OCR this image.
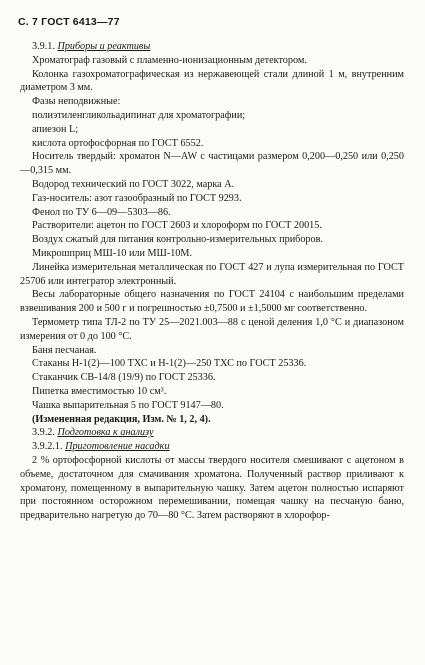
С. 7 ГОСТ 6413—77

3.9.1. Приборы и реактивы

Хроматограф газовый с пламенно-ионизационным детектором.

Колонка газохроматографическая из нержавеющей стали длиной 1 м, внутренним диаметром 3 мм.

Фазы неподвижные:

полиэтиленгликольадипинат для хроматографии;

апиезон L;

кислота ортофосфорная по ГОСТ 6552.

Носитель твердый: хроматон N—AW с частицами размером 0,200—0,250 или 0,250—0,315 мм.

Водород технический по ГОСТ 3022, марка А.

Газ-носитель: азот газообразный по ГОСТ 9293.

Фенол по ТУ 6—09—5303—86.

Растворители: ацетон по ГОСТ 2603 и хлороформ по ГОСТ 20015.

Воздух сжатый для питания контрольно-измерительных приборов.

Микрошприц МШ-10 или МШ-10М.

Линейка измерительная металлическая по ГОСТ 427 и лупа измерительная по ГОСТ 25706 или интегратор электронный.

Весы лабораторные общего назначения по ГОСТ 24104 с наибольшим пределами взвешивания 200 и 500 г и погрешностью ±0,7500 и ±1,5000 мг соответственно.

Термометр типа ТЛ-2 по ТУ 25—2021.003—88 с ценой деления 1,0 °С и диапазоном измерения от 0 до 100 °С.

Баня песчаная.

Стаканы Н-1(2)—100 ТХС и Н-1(2)—250 ТХС по ГОСТ 25336.

Стаканчик СВ-14/8 (19/9) по ГОСТ 25336.

Пипетка вместимостью 10 см³.

Чашка выпарительная 5 по ГОСТ 9147—80.

(Измененная редакция, Изм. № 1, 2, 4).

3.9.2. Подготовка к анализу

3.9.2.1. Приготовление насадки

2 % ортофосфорной кислоты от массы твердого носителя смешивают с ацетоном в объеме, достаточном для смачивания хроматона. Полученный раствор приливают к хроматону, помещенному в выпарительную чашку. Затем ацетон полностью испаряют при постоянном осторожном перемешивании, помещая чашку на песчаную баню, предварительно нагретую до 70—80 °С. Затем растворяют в хлорофор-
